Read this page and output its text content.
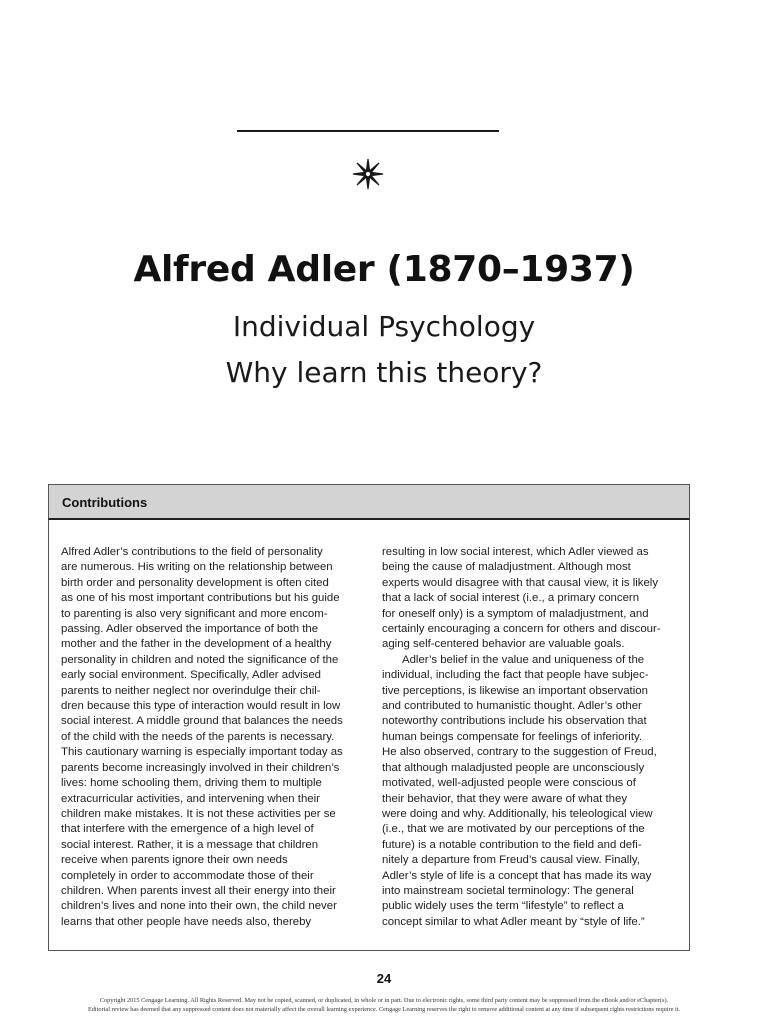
Alfred Adler (1870–1937)
Individual Psychology
Why learn this theory?
Contributions
Alfred Adler’s contributions to the field of personality
are numerous. His writing on the relationship between
birth order and personality development is often cited
as one of his most important contributions but his guide
to parenting is also very significant and more encom-
passing. Adler observed the importance of both the
mother and the father in the development of a healthy
personality in children and noted the significance of the
early social environment. Specifically, Adler advised
parents to neither neglect nor overindulge their chil-
dren because this type of interaction would result in low
social interest. A middle ground that balances the needs
of the child with the needs of the parents is necessary.
This cautionary warning is especially important today as
parents become increasingly involved in their children’s
lives: home schooling them, driving them to multiple
extracurricular activities, and intervening when their
children make mistakes. It is not these activities per se
that interfere with the emergence of a high level of
social interest. Rather, it is a message that children
receive when parents ignore their own needs
completely in order to accommodate those of their
children. When parents invest all their energy into their
children’s lives and none into their own, the child never
learns that other people have needs also, thereby
resulting in low social interest, which Adler viewed as
being the cause of maladjustment. Although most
experts would disagree with that causal view, it is likely
that a lack of social interest (i.e., a primary concern
for oneself only) is a symptom of maladjustment, and
certainly encouraging a concern for others and discour-
aging self-centered behavior are valuable goals.
Adler’s belief in the value and uniqueness of the
individual, including the fact that people have subjec-
tive perceptions, is likewise an important observation
and contributed to humanistic thought. Adler’s other
noteworthy contributions include his observation that
human beings compensate for feelings of inferiority.
He also observed, contrary to the suggestion of Freud,
that although maladjusted people are unconsciously
motivated, well-adjusted people were conscious of
their behavior, that they were aware of what they
were doing and why. Additionally, his teleological view
(i.e., that we are motivated by our perceptions of the
future) is a notable contribution to the field and defi-
nitely a departure from Freud’s causal view. Finally,
Adler’s style of life is a concept that has made its way
into mainstream societal terminology: The general
public widely uses the term “lifestyle” to reflect a
concept similar to what Adler meant by “style of life.”
24
Copyright 2015 Cengage Learning. All Rights Reserved. May not be copied, scanned, or duplicated, in whole or in part. Due to electronic rights, some third party content may be suppressed from the eBook and/or eChapter(s).
Editorial review has deemed that any suppressed content does not materially affect the overall learning experience. Cengage Learning reserves the right to remove additional content at any time if subsequent rights restrictions require it.
